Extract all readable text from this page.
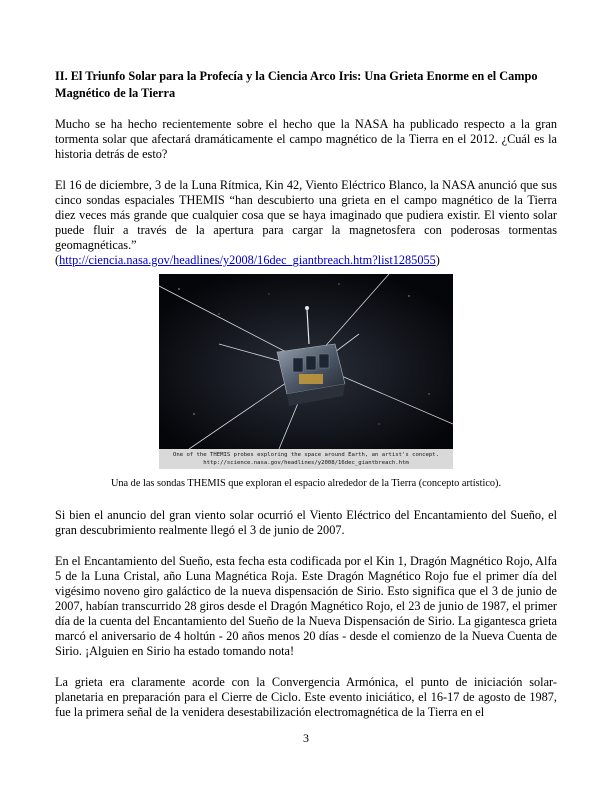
II. El Triunfo Solar para la Profecía y la Ciencia Arco Iris: Una Grieta Enorme en el Campo Magnético de la Tierra

Mucho se ha hecho recientemente sobre el hecho que la NASA ha publicado respecto a la gran tormenta solar que afectará dramáticamente el campo magnético de la Tierra en el 2012. ¿Cuál es la historia detrás de esto?

El 16 de diciembre, 3 de la Luna Rítmica, Kin 42, Viento Eléctrico Blanco, la NASA anunció que sus cinco sondas espaciales THEMIS “han descubierto una grieta en el campo magnético de la Tierra diez veces más grande que cualquier cosa que se haya imaginado que pudiera existir. El viento solar puede fluir a través de la apertura para cargar la magnetosfera con poderosas tormentas geomagnéticas.”
(http://ciencia.nasa.gov/headlines/y2008/16dec_giantbreach.htm?list1285055)

One of the THEMIS probes exploring the space around Earth, an artist's concept.
http://science.nasa.gov/headlines/y2008/16dec_giantbreach.htm
Una de las sondas THEMIS que exploran el espacio alrededor de la Tierra (concepto artístico).

Si bien el anuncio del gran viento solar ocurrió el Viento Eléctrico del Encantamiento del Sueño, el gran descubrimiento realmente llegó el 3 de junio de 2007.

En el Encantamiento del Sueño, esta fecha esta codificada por el Kin 1, Dragón Magnético Rojo, Alfa 5 de la Luna Cristal, año Luna Magnética Roja. Este Dragón Magnético Rojo fue el primer día del vigésimo noveno giro galáctico de la nueva dispensación de Sirio. Esto significa que el 3 de junio de 2007, habían transcurrido 28 giros desde el Dragón Magnético Rojo, el 23 de junio de 1987, el primer día de la cuenta del Encantamiento del Sueño de la Nueva Dispensación de Sirio. La gigantesca grieta marcó el aniversario de 4 holtún - 20 años menos 20 días - desde el comienzo de la Nueva Cuenta de Sirio. ¡Alguien en Sirio ha estado tomando nota!

La grieta era claramente acorde con la Convergencia Armónica, el punto de iniciación solar-planetaria en preparación para el Cierre de Ciclo. Este evento iniciático, el 16-17 de agosto de 1987, fue la primera señal de la venidera desestabilización electromagnética de la Tierra en el

3
